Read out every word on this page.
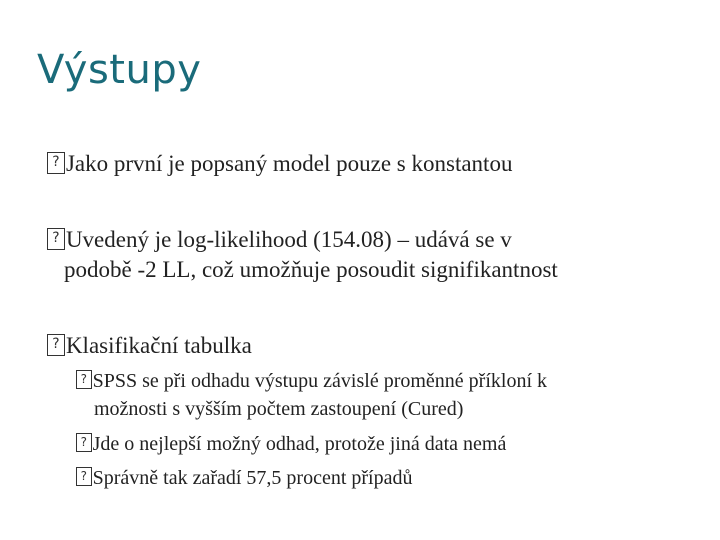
Výstupy
?Jako první je popsaný model pouze s konstantou
?Uvedený je log-likelihood (154.08) – udává se v
podobě -2 LL, což umožňuje posoudit signifikantnost
?Klasifikační tabulka
?SPSS se při odhadu výstupu závislé proměnné příkloní k
možnosti s vyšším počtem zastoupení (Cured)
?Jde o nejlepší možný odhad, protože jiná data nemá
?Správně tak zařadí 57,5 procent případů
